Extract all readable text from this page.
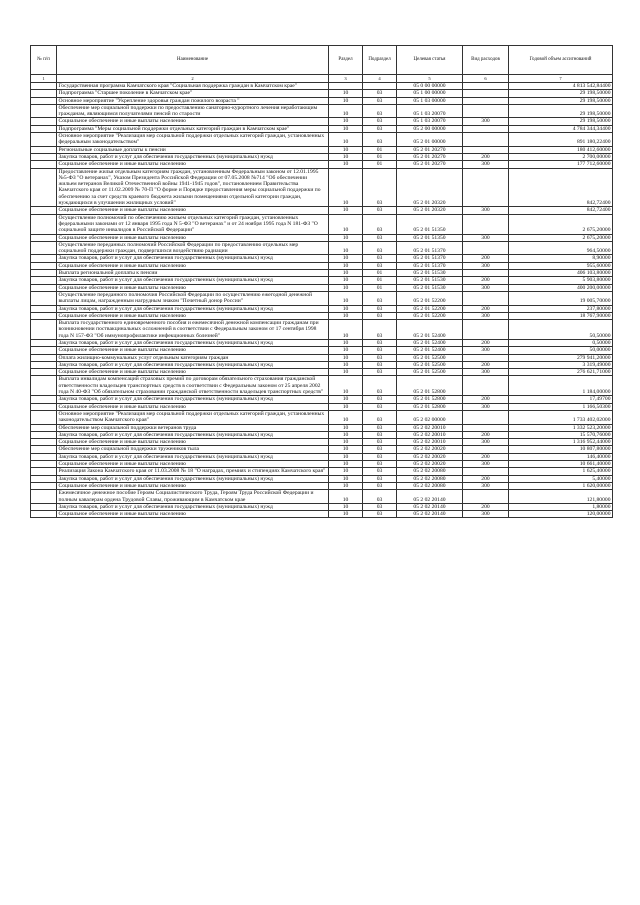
№ п/п	Наименование	Раздел	Подраздел	Целевая статья	Вид расходов	Годовой объем ассигнований
1	2	3	4	5	6	7
	Государственная программа Камчатского края "Социальная поддержка граждан в Камчатском крае"			05 0 00 00000		4 813 542,84400
	Подпрограмма "Старшее поколение в Камчатском крае"	10	03	05 1 00 00000		29 198,50000
	Основное мероприятие "Укрепление здоровья граждан пожилого возраста "	10	03	05 1 03 00000		29 198,50000
	Обеспечение мер социальной поддержки по предоставлению санаторно-курортного лечения неработающим гражданам, являющимся получателями пенсий по старости	10	03	05 1 03 20070		29 198,50000
	Социальное обеспечение и иные выплаты населению	10	03	05 1 03 20070	300	29 198,50000
	Подпрограмма "Меры социальной поддержки отдельных категорий граждан в Камчатском крае"	10	03	05 2 00 00000		4 784 344,34400
	Основное мероприятие "Реализация мер социальной поддержки отдельных категорий граждан, установленных федеральным законодательством"	10	03	05 2 01 00000		891 180,22400
	Региональные социальные доплаты к пенсии	10	01	05 2 01 20270		180 412,60000
	Закупка товаров, работ и услуг для обеспечения государственных (муниципальных) нужд	10	01	05 2 01 20270	200	2 700,00000
	Социальное обеспечение и иные выплаты населению	10	01	05 2 01 20270	300	177 712,60000
	Предоставление жилья отдельным категориям граждан, установленным Федеральным законом от 12.01.1995 №5-ФЗ "О ветеранах", Указом Президента Российской Федерации от 07.05.2008 №714 "Об обеспечении жильем ветеранов Великой Отечественной войны 1941-1945 годов", постановлением Правительства Камчатского края от 11.02.2009 № 70-П "О форме и Порядке предоставления меры социальной поддержки по обеспечению за счет средств краевого бюджета жилыми помещениями отдельной категории граждан, нуждающихся в улучшении жилищных условий"	10	03	05 2 01 20320		842,72400
	Социальное обеспечение и иные выплаты населению	10	03	05 2 01 20320	300	842,72400
	Осуществление полномочий по обеспечению жильем отдельных категорий граждан, установленных федеральными законами от 12 января 1995 года N 5-ФЗ "О ветеранах" и от 24 ноября 1995 года N 181-ФЗ "О социальной защите инвалидов в Российской Федерации"	10	03	05 2 01 51350		2 675,20000
	Социальное обеспечение и иные выплаты населению	10	03	05 2 01 51350	300	2 675,20000
	Осуществление переданных полномочий Российской Федерации по предоставлению отдельных мер социальной поддержки граждан, подвергшихся воздействию радиации	10	03	05 2 01 51370		964,50000
	Закупка товаров, работ и услуг для обеспечения государственных (муниципальных) нужд	10	03	05 2 01 51370	200	8,90000
	Социальное обеспечение и иные выплаты населению	10	03	05 2 01 51370	300	955,60000
	Выплата региональной доплаты к пенсии	10	01	05 2 01 51530		406 103,80000
	Закупка товаров, работ и услуг для обеспечения государственных (муниципальных) нужд	10	01	05 2 01 51530	200	5 903,80000
	Социальное обеспечение и иные выплаты населению	10	01	05 2 01 51530	300	400 200,00000
	Осуществление переданного полномочия Российской Федерации по осуществлению ежегодной денежной выплаты лицам, награжденным нагрудным знаком "Почетный донор России"	10	03	05 2 01 52200		19 005,70000
	Закупка товаров, работ и услуг для обеспечения государственных (муниципальных) нужд	10	03	05 2 01 52200	200	237,80000
	Социальное обеспечение и иные выплаты населению	10	03	05 2 01 52200	300	18 767,90000
	Выплата государственного единовременного пособия и ежемесячной денежной компенсации гражданам при возникновении поствакцинальных осложнений в соответствии с Федеральным законом от 17 сентября 1998 года N 157-ФЗ "Об иммунопрофилактике инфекционных болезней"	10	03	05 2 01 52400		50,50000
	Закупка товаров, работ и услуг для обеспечения государственных (муниципальных) нужд	10	03	05 2 01 52400	200	0,50000
	Социальное обеспечение и иные выплаты населению	10	03	05 2 01 52400	300	50,00000
	Оплата жилищно-коммунальных услуг отдельным категориям граждан	10	03	05 2 01 52500		279 941,20000
	Закупка товаров, работ и услуг для обеспечения государственных (муниципальных) нужд	10	03	05 2 01 52500	200	3 319,49000
	Социальное обеспечение и иные выплаты населению	10	03	05 2 01 52500	300	276 621,71000
	Выплата инвалидам компенсаций страховых премий по договорам обязательного страхования гражданской ответственности владельцев транспортных средств в соответствии с Федеральным законом от 25 апреля 2002 года N 40-ФЗ "Об обязательном страховании гражданской ответственности владельцев транспортных средств"	10	03	05 2 01 52800		1 184,00000
	Закупка товаров, работ и услуг для обеспечения государственных (муниципальных) нужд	10	03	05 2 01 52800	200	17,49700
	Социальное обеспечение и иные выплаты населению	10	03	05 2 01 52800	300	1 166,50300
	Основное мероприятие "Реализация мер социальной поддержки отдельных категорий граждан, установленных законодательством Камчатского края"	10	03	05 2 02 00000		1 733 402,02000
	Обеспечение мер социальной поддержки ветеранов труда	10	03	05 2 02 20010		1 332 523,20000
	Закупка товаров, работ и услуг для обеспечения государственных (муниципальных) нужд	10	03	05 2 02 20010	200	15 570,76000
	Социальное обеспечение и иные выплаты населению	10	03	05 2 02 20010	300	1 316 952,44000
	Обеспечение мер социальной поддержки тружеников тыла	10	03	05 2 02 20020		10 807,80000
	Закупка товаров, работ и услуг для обеспечения государственных (муниципальных) нужд	10	03	05 2 02 20020	200	146,40000
	Социальное обеспечение и иные выплаты населению	10	03	05 2 02 20020	300	10 661,40000
	Реализация Закона Камчатского края от 11.03.2008 № 18 "О наградах, премиях и стипендиях Камчатского края"	10	03	05 2 02 20080		1 625,40000
	Закупка товаров, работ и услуг для обеспечения государственных (муниципальных) нужд	10	03	05 2 02 20080	200	5,40000
	Социальное обеспечение и иные выплаты населению	10	03	05 2 02 20080	300	1 620,00000
	Ежемесячное денежное пособие Героям Социалистического Труда, Героям Труда Российской Федерации и полным кавалерам ордена Трудовой Славы, проживающим в Камчатском крае	10	03	05 2 02 20140		121,80000
	Закупка товаров, работ и услуг для обеспечения государственных (муниципальных) нужд	10	03	05 2 02 20140	200	1,80000
	Социальное обеспечение и иные выплаты населению	10	03	05 2 02 20140	300	120,00000
